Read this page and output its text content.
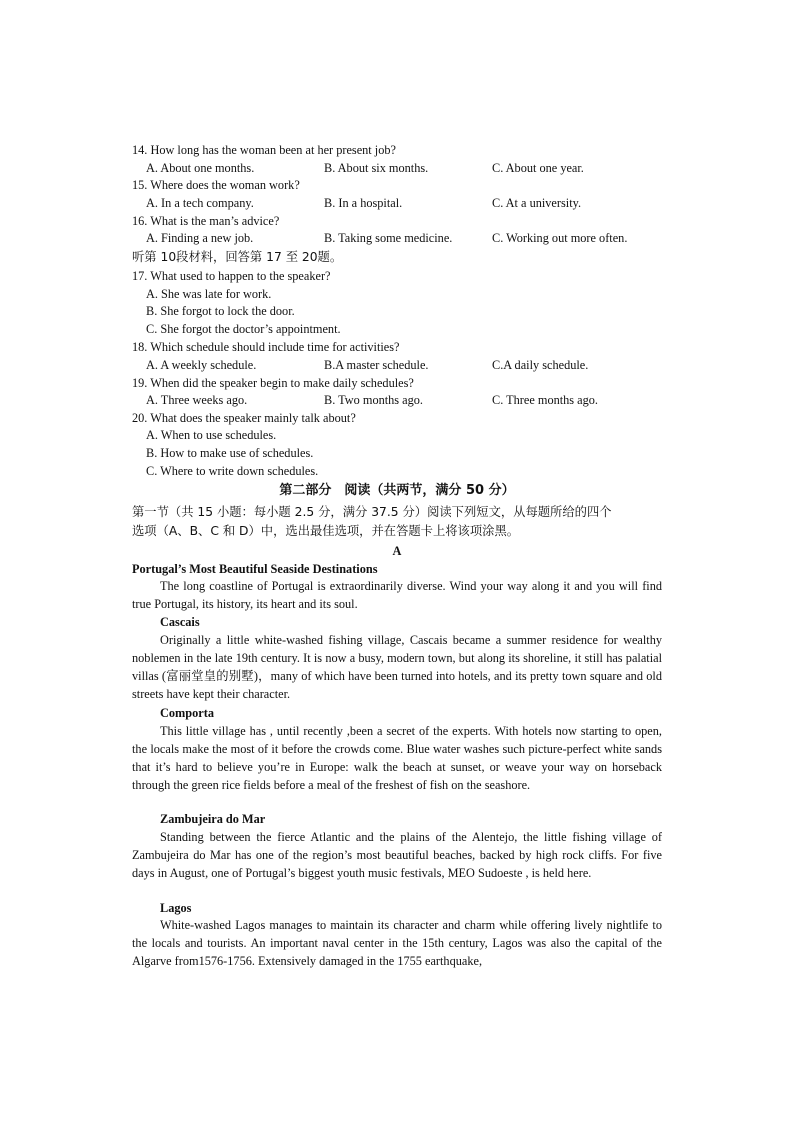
14. How long has the woman been at her present job?
A. About one months.	B. About six months.	C. About one year.
15. Where does the woman work?
A. In a tech company.	B. In a hospital.	C. At a university.
16. What is the man’s advice?
A. Finding a new job.	B. Taking some medicine.	C. Working out more often.
听第 10段材料，回答第 17 至 20题。
17. What used to happen to the speaker?
A. She was late for work.
B. She forgot to lock the door.
C. She forgot the doctor’s appointment.
18. Which schedule should include time for activities?
A. A weekly schedule.	B.A master schedule.	C.A daily schedule.
19. When did the speaker begin to make daily schedules?
A. Three weeks ago.	B. Two months ago.	C. Three months ago.
20. What does the speaker mainly talk about?
A. When to use schedules.
B. How to make use of schedules.
C. Where to write down schedules.
第二部分　阅读（共两节，满分 50 分）
第一节（共 15 小题：每小题 2.5 分，满分 37.5 分）阅读下列短文，从每题所给的四个
选项（A、B、C 和 D）中，选出最佳选项，并在答题卡上将该项涂黑。
A
Portugal’s Most Beautiful Seaside Destinations
The long coastline of Portugal is extraordinarily diverse. Wind your way along it and you will find true Portugal, its history, its heart and its soul.
Cascais
Originally a little white-washed fishing village, Cascais became a summer residence for wealthy noblemen in the late 19th century. It is now a busy, modern town, but along its shoreline, it still has palatial villas (富丽堂皇的别墅)，many of which have been turned into hotels, and its pretty town square and old streets have kept their character.
Comporta
This little village has , until recently ,been a secret of the experts. With hotels now starting to open, the locals make the most of it before the crowds come. Blue water washes such picture-perfect white sands that it’s hard to believe you’re in Europe: walk the beach at sunset, or weave your way on horseback through the green rice fields before a meal of the freshest of fish on the seashore.
Zambujeira do Mar
Standing between the fierce Atlantic and the plains of the Alentejo, the little fishing village of Zambujeira do Mar has one of the region’s most beautiful beaches, backed by high rock cliffs. For five days in August, one of Portugal’s biggest youth music festivals, MEO Sudoeste , is held here.
Lagos
White-washed Lagos manages to maintain its character and charm while offering lively nightlife to the locals and tourists. An important naval center in the 15th century, Lagos was also the capital of the Algarve from1576-1756. Extensively damaged in the 1755 earthquake,
